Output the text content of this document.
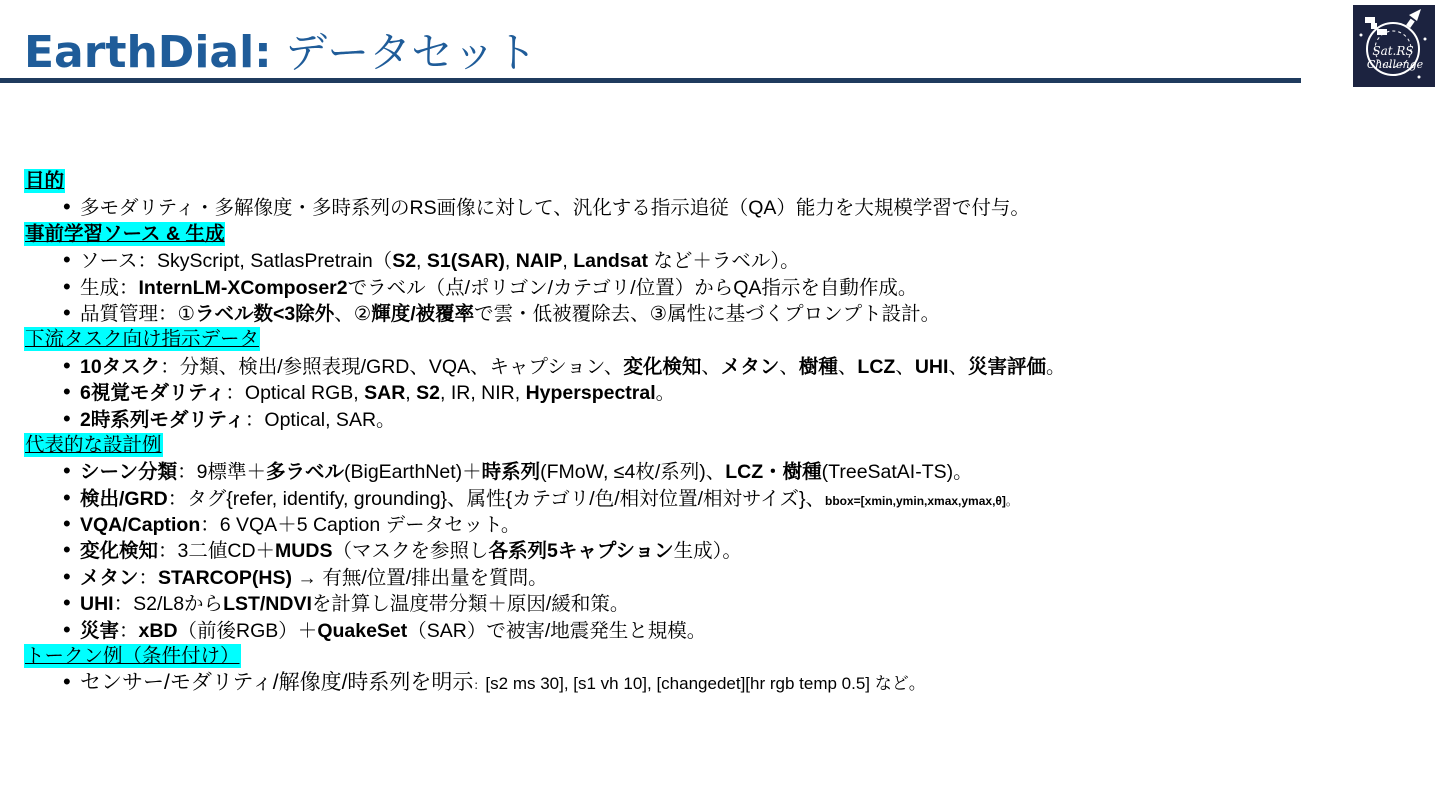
EarthDial: データセット	Sat.RS
Challenge
目的
• 多モダリティ・多解像度・多時系列のRS画像に対して、汎化する指示追従（QA）能力を大規模学習で付与。
事前学習ソース & 生成
• ソース：SkyScript, SatlasPretrain（S2, S1(SAR), NAIP, Landsat など＋ラベル）。
• 生成：InternLM-XComposer2でラベル（点/ポリゴン/カテゴリ/位置）からQA指示を自動作成。
• 品質管理：①ラベル数<3除外、②輝度/被覆率で雲・低被覆除去、③属性に基づくプロンプト設計。
下流タスク向け指示データ
• 10タスク：分類、検出/参照表現/GRD、VQA、キャプション、変化検知、メタン、樹種、LCZ、UHI、災害評価。
• 6視覚モダリティ：Optical RGB, SAR, S2, IR, NIR, Hyperspectral。
• 2時系列モダリティ：Optical, SAR。
代表的な設計例
• シーン分類：9標準＋多ラベル(BigEarthNet)＋時系列(FMoW, ≤4枚/系列)、LCZ・樹種(TreeSatAI-TS)。
• 検出/GRD：タグ{refer, identify, grounding}、属性{カテゴリ/色/相対位置/相対サイズ}、bbox=[xmin,ymin,xmax,ymax,θ]。
• VQA/Caption：6 VQA＋5 Caption データセット。
• 変化検知：3二値CD＋MUDS（マスクを参照し各系列5キャプション生成）。
• メタン：STARCOP(HS) → 有無/位置/排出量を質問。
• UHI：S2/L8からLST/NDVIを計算し温度帯分類＋原因/緩和策。
• 災害：xBD（前後RGB）＋QuakeSet（SAR）で被害/地震発生と規模。
トークン例（条件付け）
• センサー/モダリティ/解像度/時系列を明示：[s2 ms 30], [s1 vh 10], [changedet][hr rgb temp 0.5] など。
